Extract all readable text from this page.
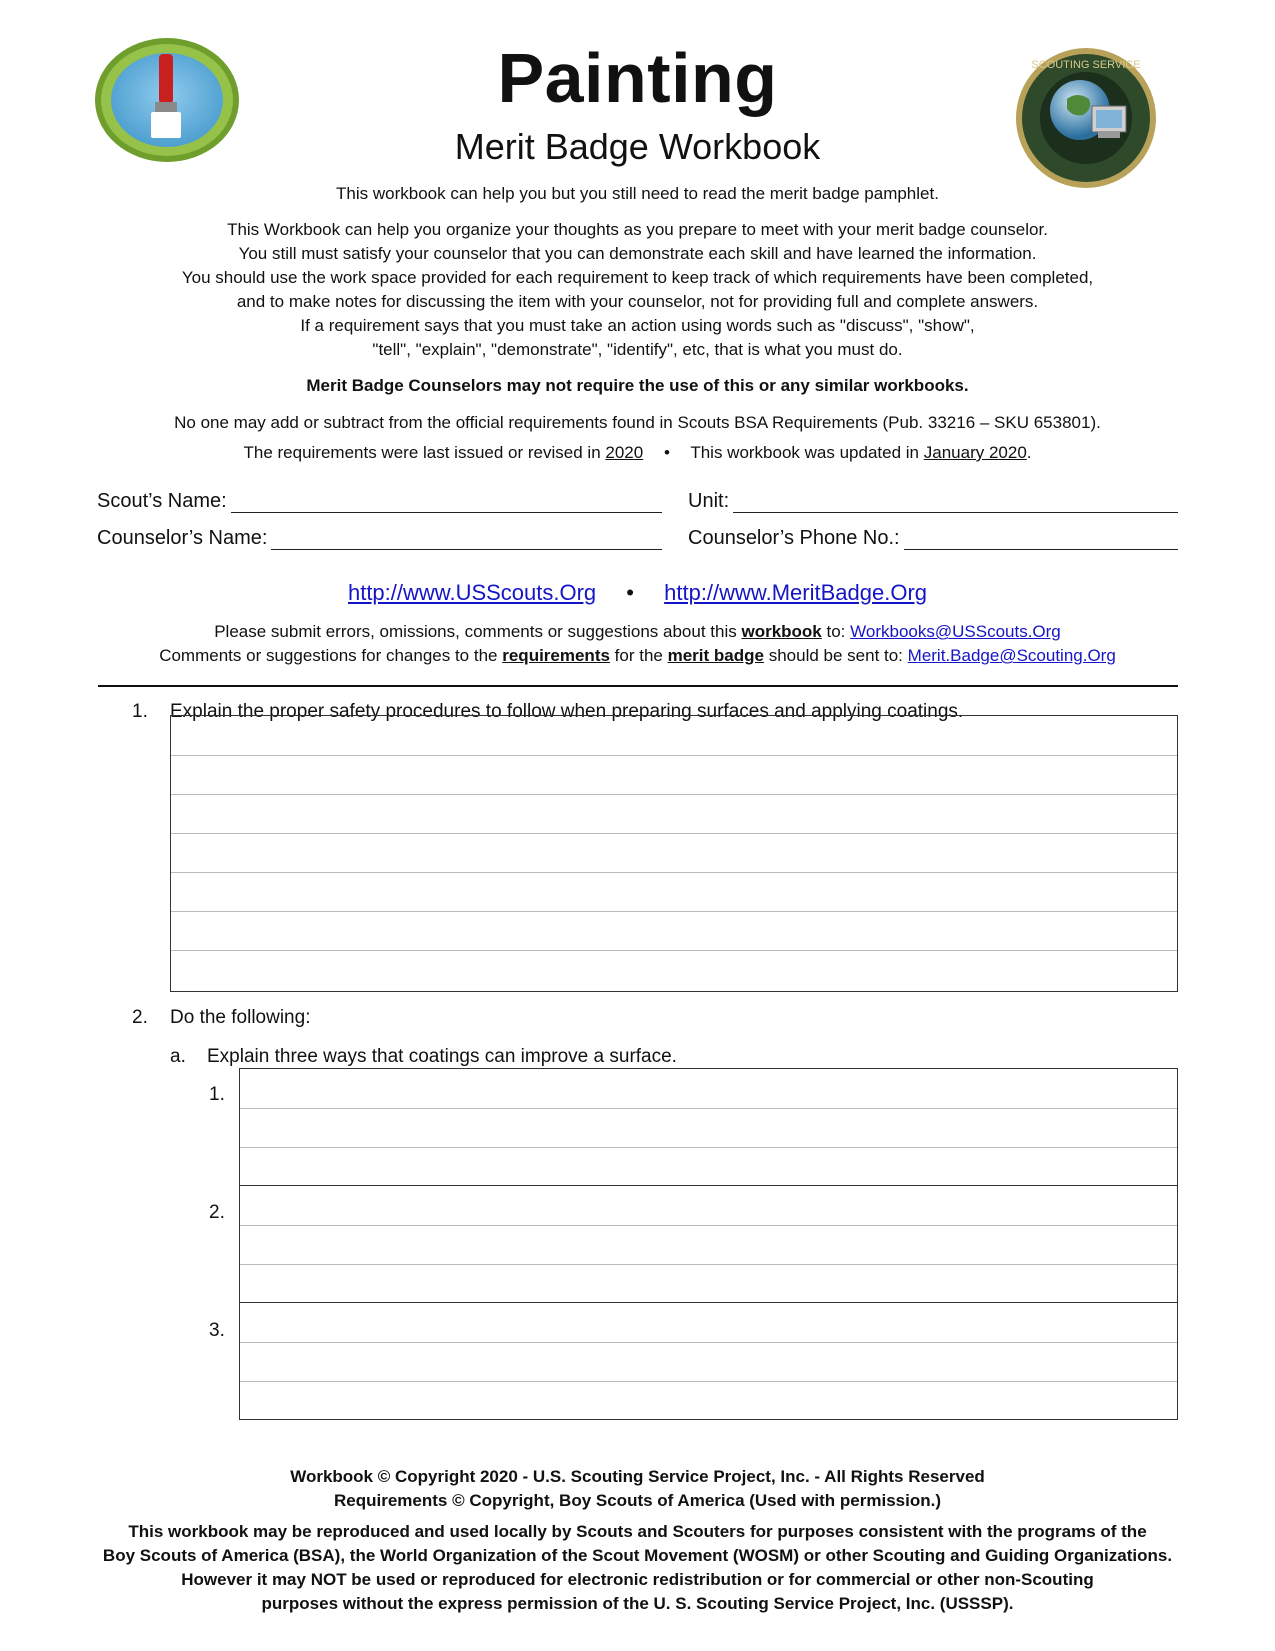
SCOUTING SERVICE
Painting
Merit Badge Workbook
This workbook can help you but you still need to read the merit badge pamphlet.
This Workbook can help you organize your thoughts as you prepare to meet with your merit badge counselor.
You still must satisfy your counselor that you can demonstrate each skill and have learned the information.
You should use the work space provided for each requirement to keep track of which requirements have been completed,
and to make notes for discussing the item with your counselor, not for providing full and complete answers.
If a requirement says that you must take an action using words such as "discuss", "show",
"tell", "explain", "demonstrate", "identify", etc, that is what you must do.
Merit Badge Counselors may not require the use of this or any similar workbooks.
No one may add or subtract from the official requirements found in Scouts BSA Requirements (Pub. 33216 – SKU 653801).
The requirements were last issued or revised in 2020 • This workbook was updated in January 2020.
Scout’s Name:	Unit:
Counselor’s Name:	Counselor’s Phone No.:
http://www.USScouts.Org • http://www.MeritBadge.Org
Please submit errors, omissions, comments or suggestions about this workbook to: Workbooks@USScouts.Org
Comments or suggestions for changes to the requirements for the merit badge should be sent to: Merit.Badge@Scouting.Org
1. Explain the proper safety procedures to follow when preparing surfaces and applying coatings.
2. Do the following:
a. Explain three ways that coatings can improve a surface.
1.
2.
3.
Workbook © Copyright 2020 - U.S. Scouting Service Project, Inc. - All Rights Reserved
Requirements © Copyright, Boy Scouts of America (Used with permission.)
This workbook may be reproduced and used locally by Scouts and Scouters for purposes consistent with the programs of the
Boy Scouts of America (BSA), the World Organization of the Scout Movement (WOSM) or other Scouting and Guiding Organizations.
However it may NOT be used or reproduced for electronic redistribution or for commercial or other non-Scouting
purposes without the express permission of the U. S. Scouting Service Project, Inc. (USSSP).
